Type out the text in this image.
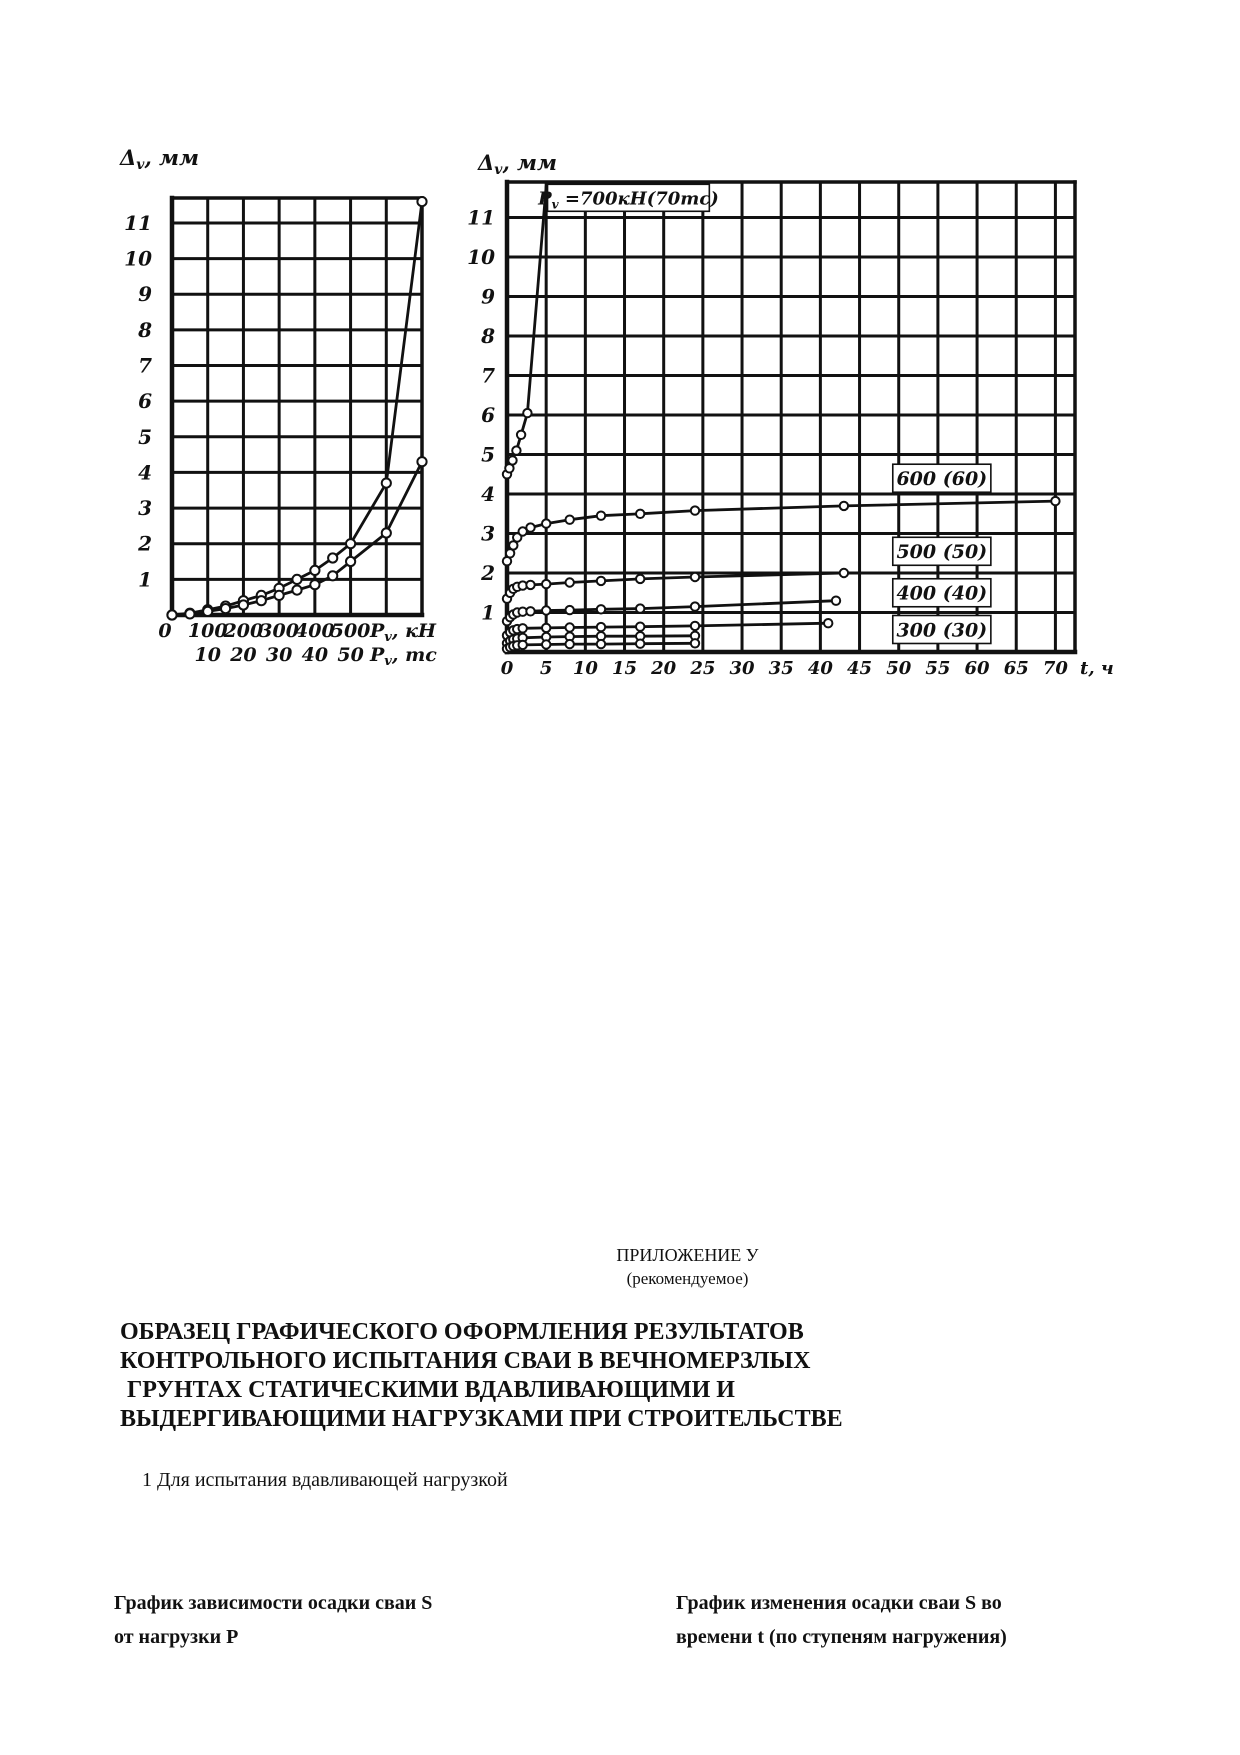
Δv, мм
1
2
3
4
5
6
7
8
9
10
11
0 100
200
300
400
500 $P_v$, кН
10 20 30 40 50 $P_v$, тс
$P_v =700кН(70тс)$
600 (60)
500 (50)
400 (40)
300 (30)
Δv, мм
1
2
3
4
5
6
7
8
9
10
11
0 5 10 15 20 25 30 35 40 45 50 55 60 65 70 t, ч
ПРИЛОЖЕНИЕ У
(рекомендуемое)
ОБРАЗЕЦ ГРАФИЧЕСКОГО ОФОРМЛЕНИЯ РЕЗУЛЬТАТОВ
КОНТРОЛЬНОГО ИСПЫТАНИЯ СВАИ В ВЕЧНОМЕРЗЛЫХ
ГРУНТАХ СТАТИЧЕСКИМИ ВДАВЛИВАЮЩИМИ И
ВЫДЕРГИВАЮЩИМИ НАГРУЗКАМИ ПРИ СТРОИТЕЛЬСТВЕ
1 Для испытания вдавливающей нагрузкой
График зависимости осадки сваи S
от нагрузки Р
График изменения осадки сваи S во
времени t (по ступеням нагружения)
